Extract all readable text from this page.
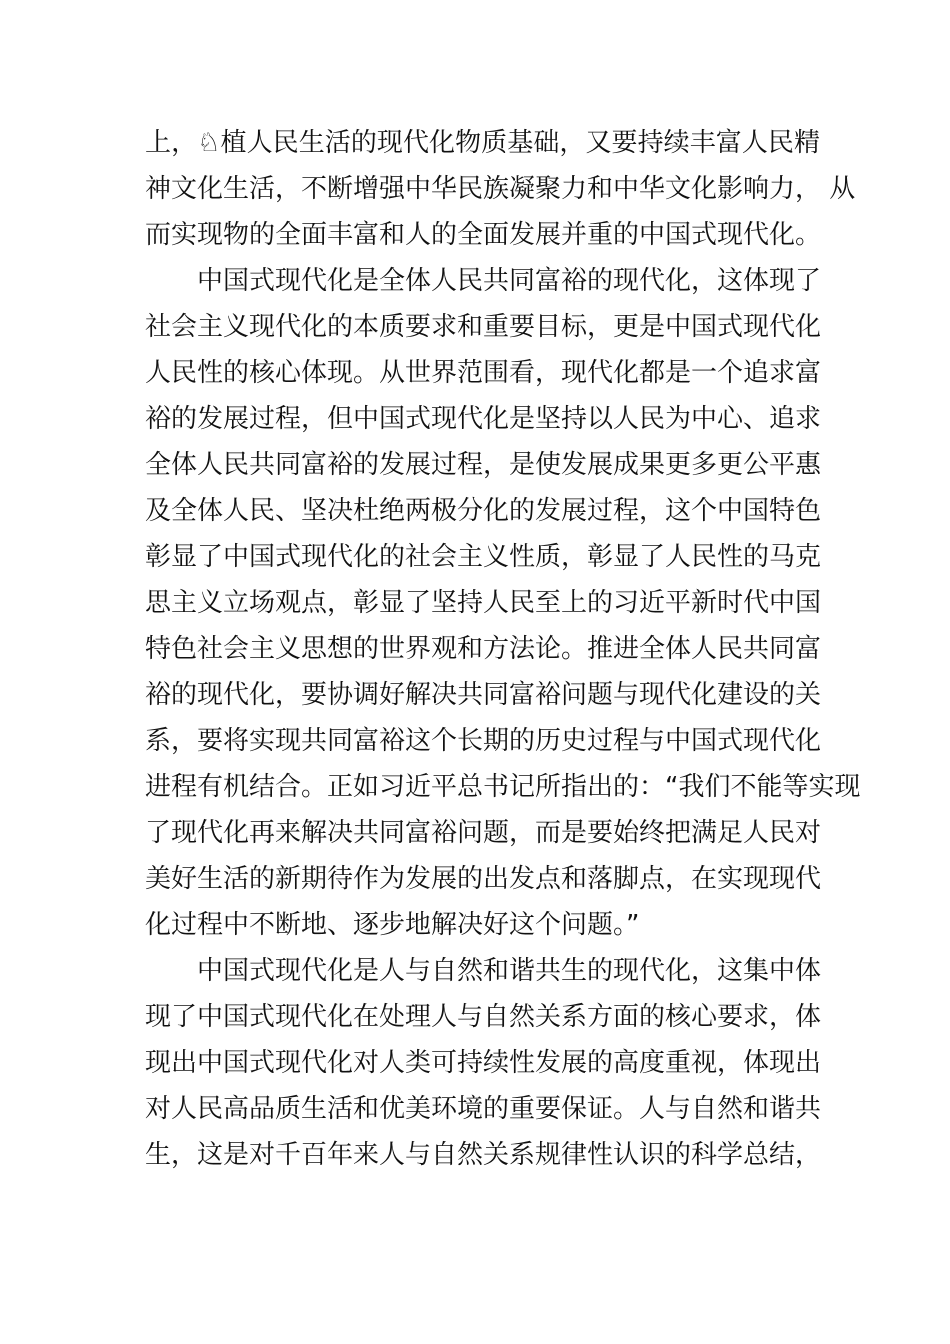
上，♘植人民生活的现代化物质基础，又要持续丰富人民精
神文化生活，不断增强中华民族凝聚力和中华文化影响力， 从
而实现物的全面丰富和人的全面发展并重的中国式现代化。
中国式现代化是全体人民共同富裕的现代化，这体现了
社会主义现代化的本质要求和重要目标，更是中国式现代化
人民性的核心体现。从世界范围看，现代化都是一个追求富
裕的发展过程，但中国式现代化是坚持以人民为中心、追求
全体人民共同富裕的发展过程，是使发展成果更多更公平惠
及全体人民、坚决杜绝两极分化的发展过程，这个中国特色
彰显了中国式现代化的社会主义性质，彰显了人民性的马克
思主义立场观点，彰显了坚持人民至上的习近平新时代中国
特色社会主义思想的世界观和方法论。推进全体人民共同富
裕的现代化，要协调好解决共同富裕问题与现代化建设的关
系，要将实现共同富裕这个长期的历史过程与中国式现代化
进程有机结合。正如习近平总书记所指出的：“我们不能等实现
了现代化再来解决共同富裕问题，而是要始终把满足人民对
美好生活的新期待作为发展的出发点和落脚点，在实现现代
化过程中不断地、逐步地解决好这个问题。”
中国式现代化是人与自然和谐共生的现代化，这集中体
现了中国式现代化在处理人与自然关系方面的核心要求，体
现出中国式现代化对人类可持续性发展的高度重视，体现出
对人民高品质生活和优美环境的重要保证。人与自然和谐共
生，这是对千百年来人与自然关系规律性认识的科学总结，
